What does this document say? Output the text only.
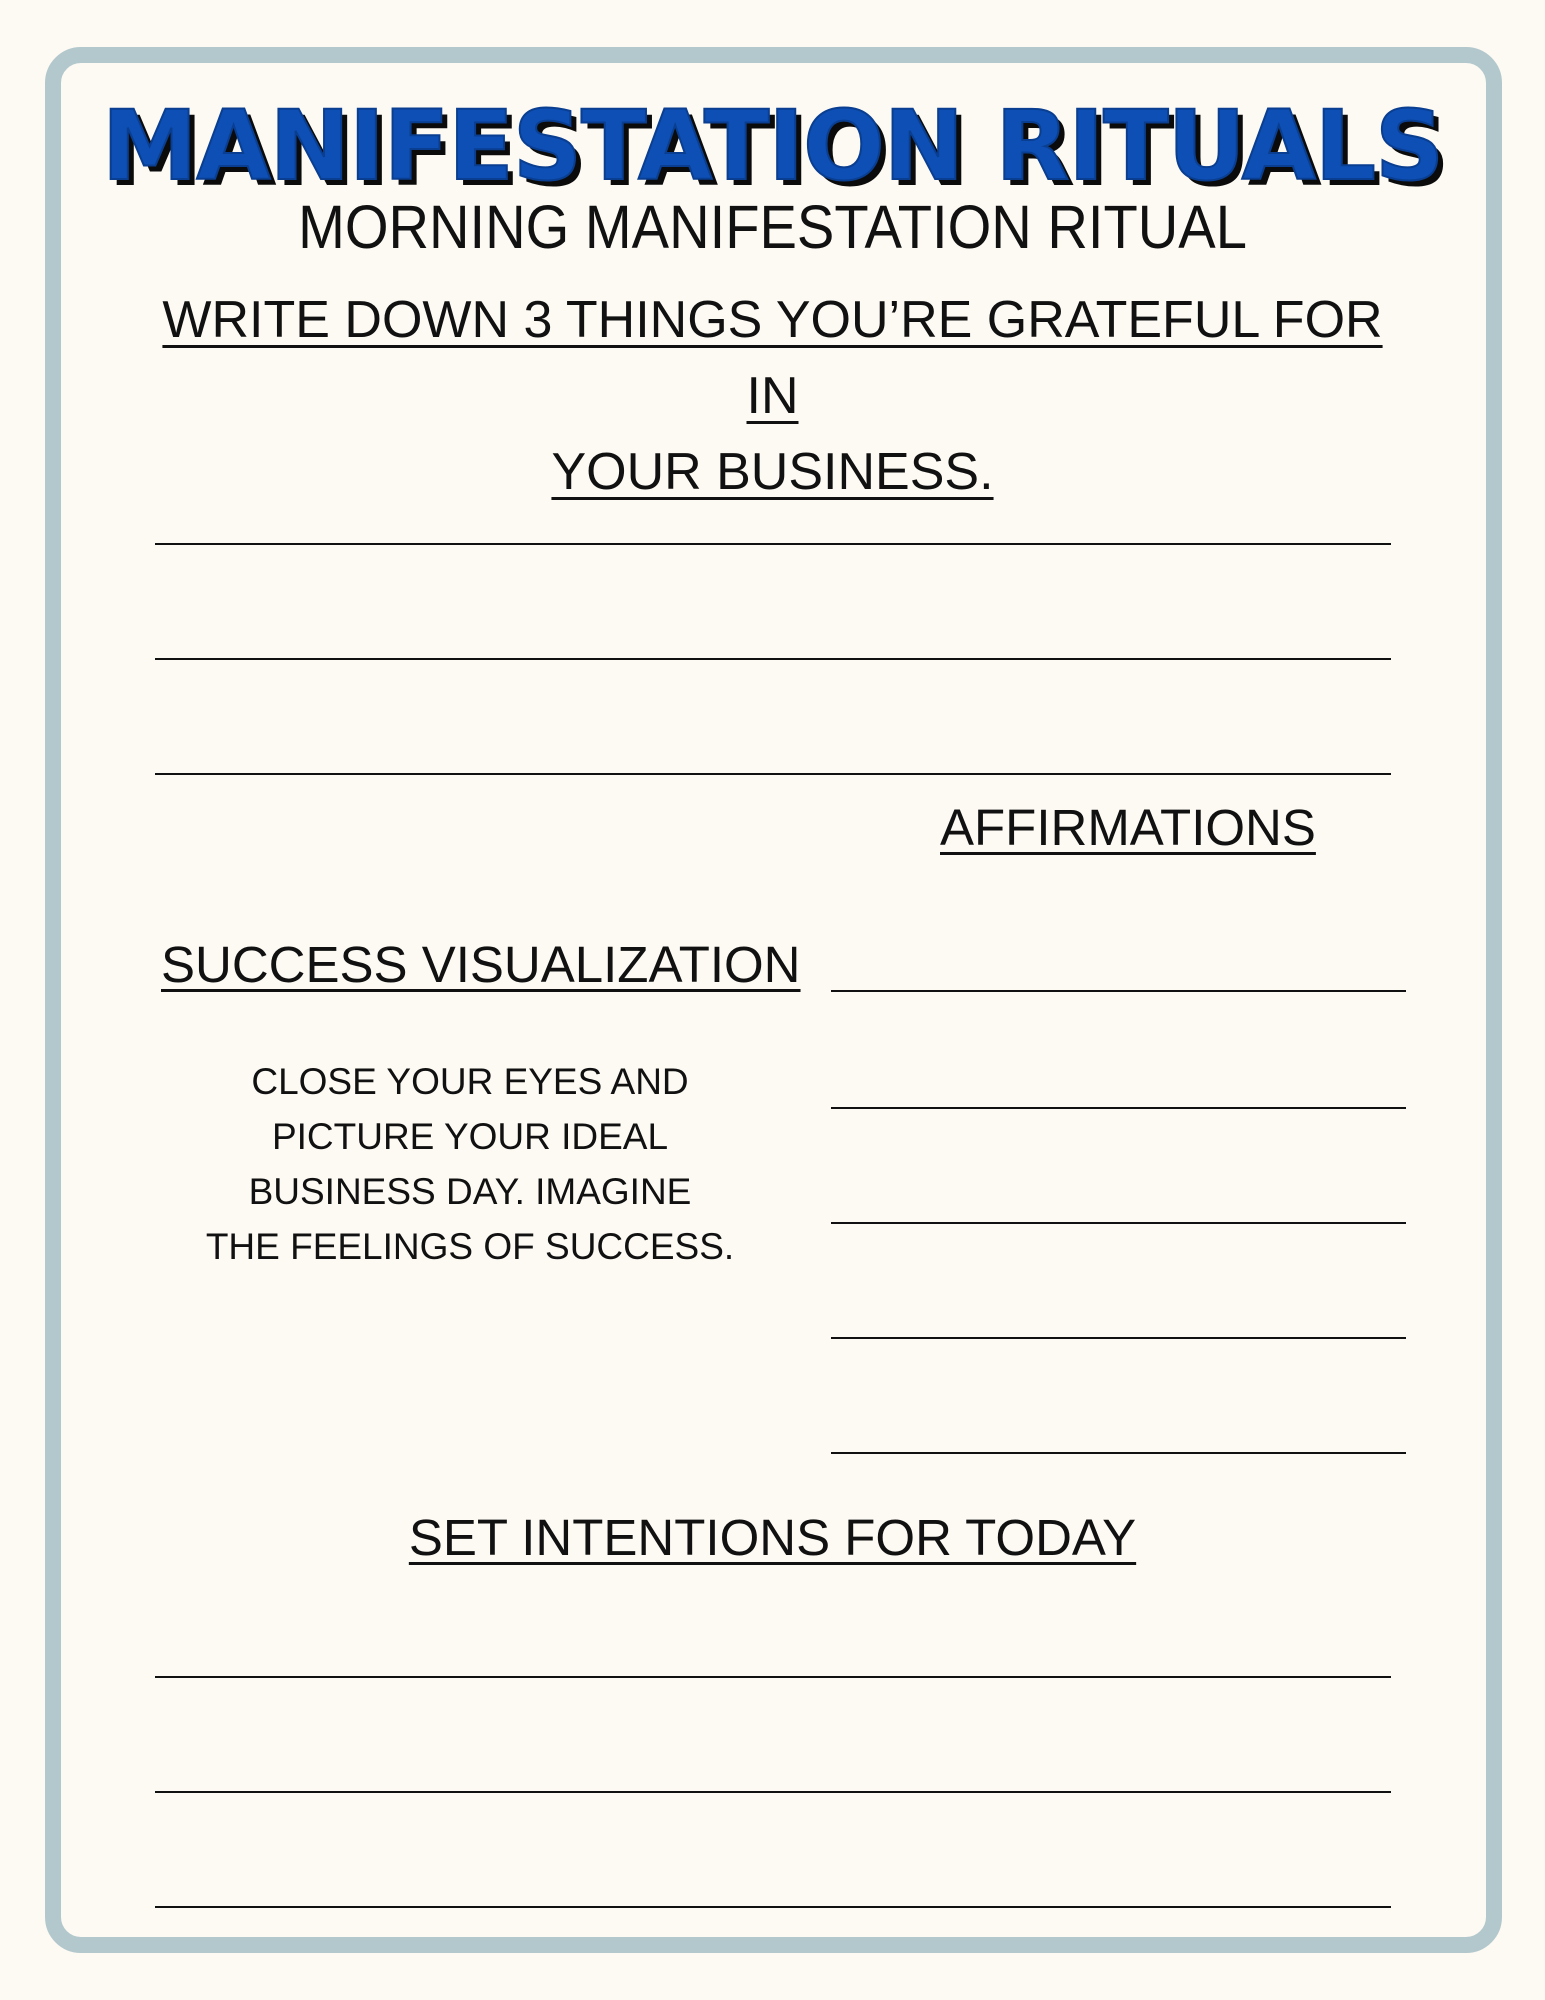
MANIFESTATION RITUALS
MORNING MANIFESTATION RITUAL
WRITE DOWN 3 THINGS YOU’RE GRATEFUL FOR IN
YOUR BUSINESS.
AFFIRMATIONS
SUCCESS VISUALIZATION
CLOSE YOUR EYES AND
PICTURE YOUR IDEAL
BUSINESS DAY. IMAGINE
THE FEELINGS OF SUCCESS.
SET INTENTIONS FOR TODAY
